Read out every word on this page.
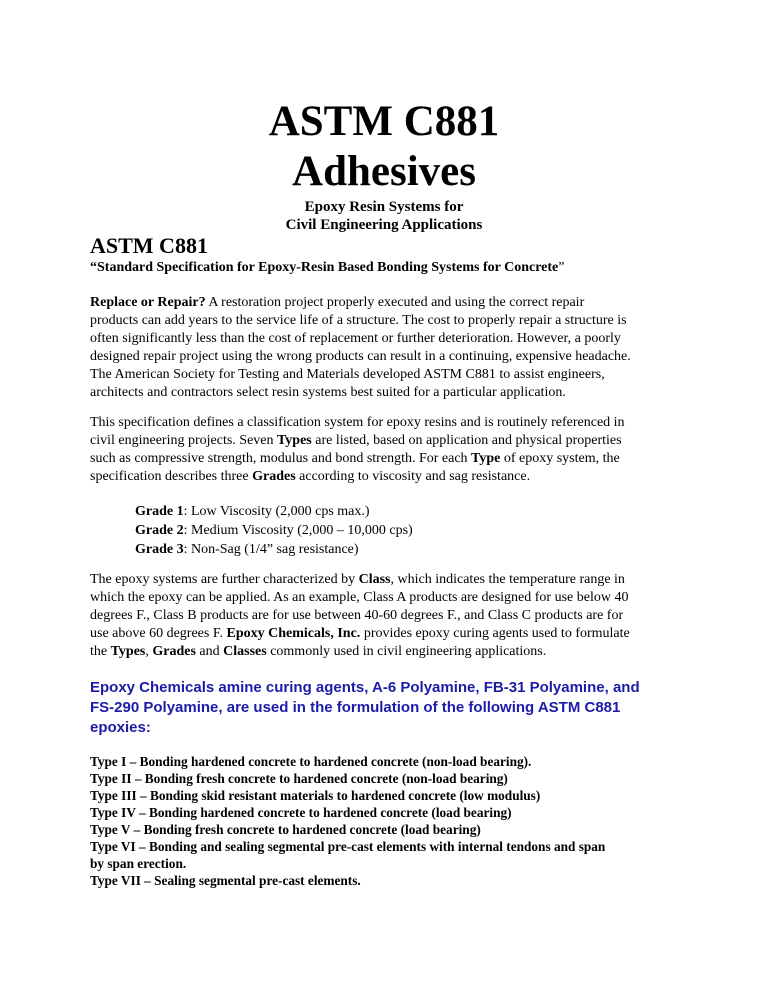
ASTM C881
Adhesives
Epoxy Resin Systems for
Civil Engineering Applications
ASTM C881
“Standard Specification for Epoxy-Resin Based Bonding Systems for Concrete”
Replace or Repair? A restoration project properly executed and using the correct repair
products can add years to the service life of a structure. The cost to properly repair a structure is
often significantly less than the cost of replacement or further deterioration. However, a poorly
designed repair project using the wrong products can result in a continuing, expensive headache.
The American Society for Testing and Materials developed ASTM C881 to assist engineers,
architects and contractors select resin systems best suited for a particular application.
This specification defines a classification system for epoxy resins and is routinely referenced in
civil engineering projects. Seven Types are listed, based on application and physical properties
such as compressive strength, modulus and bond strength. For each Type of epoxy system, the
specification describes three Grades according to viscosity and sag resistance.
Grade 1: Low Viscosity (2,000 cps max.)
Grade 2: Medium Viscosity (2,000 – 10,000 cps)
Grade 3: Non-Sag (1/4” sag resistance)
The epoxy systems are further characterized by Class, which indicates the temperature range in
which the epoxy can be applied. As an example, Class A products are designed for use below 40
degrees F., Class B products are for use between 40-60 degrees F., and Class C products are for
use above 60 degrees F. Epoxy Chemicals, Inc. provides epoxy curing agents used to formulate
the Types, Grades and Classes commonly used in civil engineering applications.
Epoxy Chemicals amine curing agents, A-6 Polyamine, FB-31 Polyamine, and
FS-290 Polyamine, are used in the formulation of the following ASTM C881
epoxies:
Type I – Bonding hardened concrete to hardened concrete (non-load bearing).
Type II – Bonding fresh concrete to hardened concrete (non-load bearing)
Type III – Bonding skid resistant materials to hardened concrete (low modulus)
Type IV – Bonding hardened concrete to hardened concrete (load bearing)
Type V – Bonding fresh concrete to hardened concrete (load bearing)
Type VI – Bonding and sealing segmental pre-cast elements with internal tendons and span
by span erection.
Type VII – Sealing segmental pre-cast elements.
